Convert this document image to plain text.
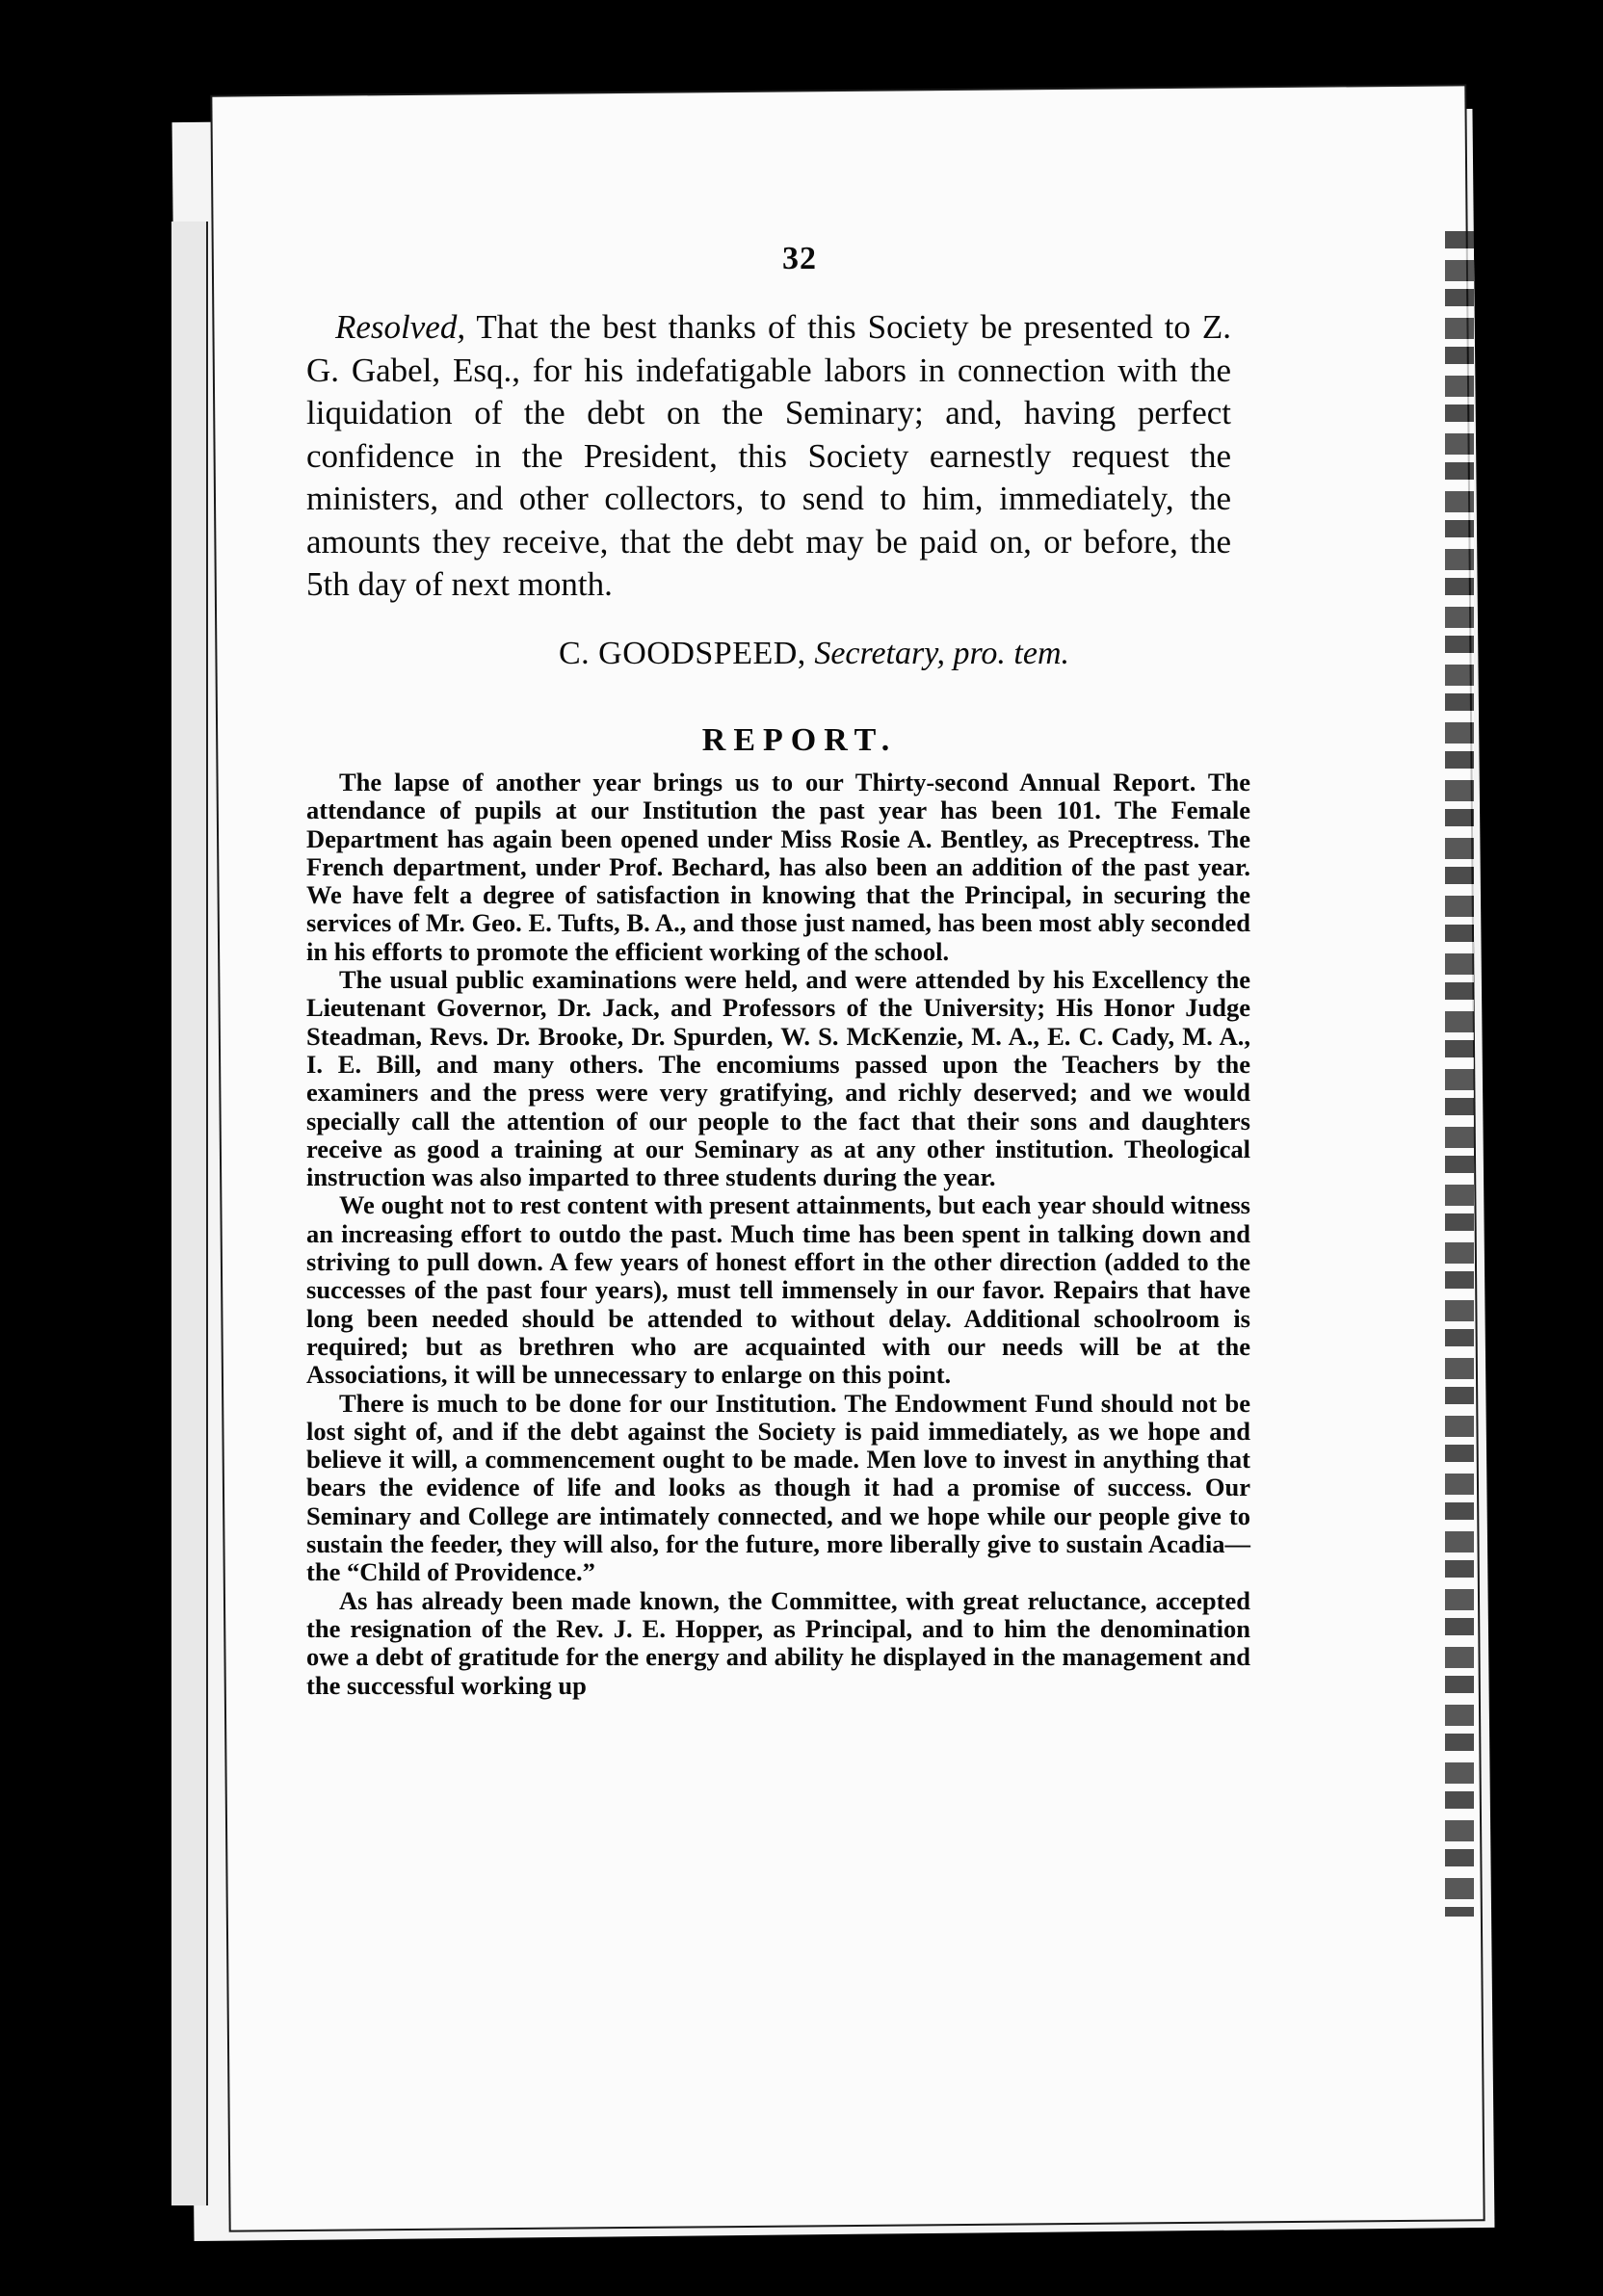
32
Resolved, That the best thanks of this Society be presented to Z. G. Gabel, Esq., for his indefatigable labors in connection with the liquidation of the debt on the Seminary; and, having perfect confidence in the President, this Society earnestly request the ministers, and other collectors, to send to him, immediately, the amounts they receive, that the debt may be paid on, or before, the 5th day of next month.
C. GOODSPEED, Secretary, pro. tem.
REPORT.

The lapse of another year brings us to our Thirty-second Annual Report. The attendance of pupils at our Institution the past year has been 101. The Female Department has again been opened under Miss Rosie A. Bentley, as Preceptress. The French department, under Prof. Bechard, has also been an addition of the past year. We have felt a degree of satisfaction in knowing that the Principal, in securing the services of Mr. Geo. E. Tufts, B. A., and those just named, has been most ably seconded in his efforts to promote the efficient working of the school.

The usual public examinations were held, and were attended by his Excellency the Lieutenant Governor, Dr. Jack, and Professors of the University; His Honor Judge Steadman, Revs. Dr. Brooke, Dr. Spurden, W. S. McKenzie, M. A., E. C. Cady, M. A., I. E. Bill, and many others. The encomiums passed upon the Teachers by the examiners and the press were very gratifying, and richly deserved; and we would specially call the attention of our people to the fact that their sons and daughters receive as good a training at our Seminary as at any other institution. Theological instruction was also imparted to three students during the year.

We ought not to rest content with present attainments, but each year should witness an increasing effort to outdo the past. Much time has been spent in talking down and striving to pull down. A few years of honest effort in the other direction (added to the successes of the past four years), must tell immensely in our favor. Repairs that have long been needed should be attended to without delay. Additional schoolroom is required; but as brethren who are acquainted with our needs will be at the Associations, it will be unnecessary to enlarge on this point.

There is much to be done for our Institution. The Endowment Fund should not be lost sight of, and if the debt against the Society is paid immediately, as we hope and believe it will, a commencement ought to be made. Men love to invest in anything that bears the evidence of life and looks as though it had a promise of success. Our Seminary and College are intimately connected, and we hope while our people give to sustain the feeder, they will also, for the future, more liberally give to sustain Acadia—the “Child of Providence.”

As has already been made known, the Committee, with great reluctance, accepted the resignation of the Rev. J. E. Hopper, as Principal, and to him the denomination owe a debt of gratitude for the energy and ability he displayed in the management and the successful working up
